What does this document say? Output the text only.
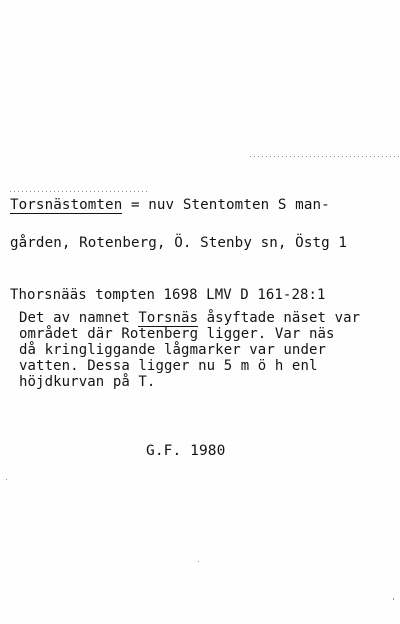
Torsnästomten = nuv Stentomten S man-
gården, Rotenberg, Ö. Stenby sn, Östg 1
Thorsnääs tompten 1698 LMV D 161-28:1
Det av namnet Torsnäs åsyftade näset var
området där Rotenberg ligger. Var näs
då kringliggande lågmarker var under
vatten. Dessa ligger nu 5 m ö h enl
höjdkurvan på T.
G.F. 1980
